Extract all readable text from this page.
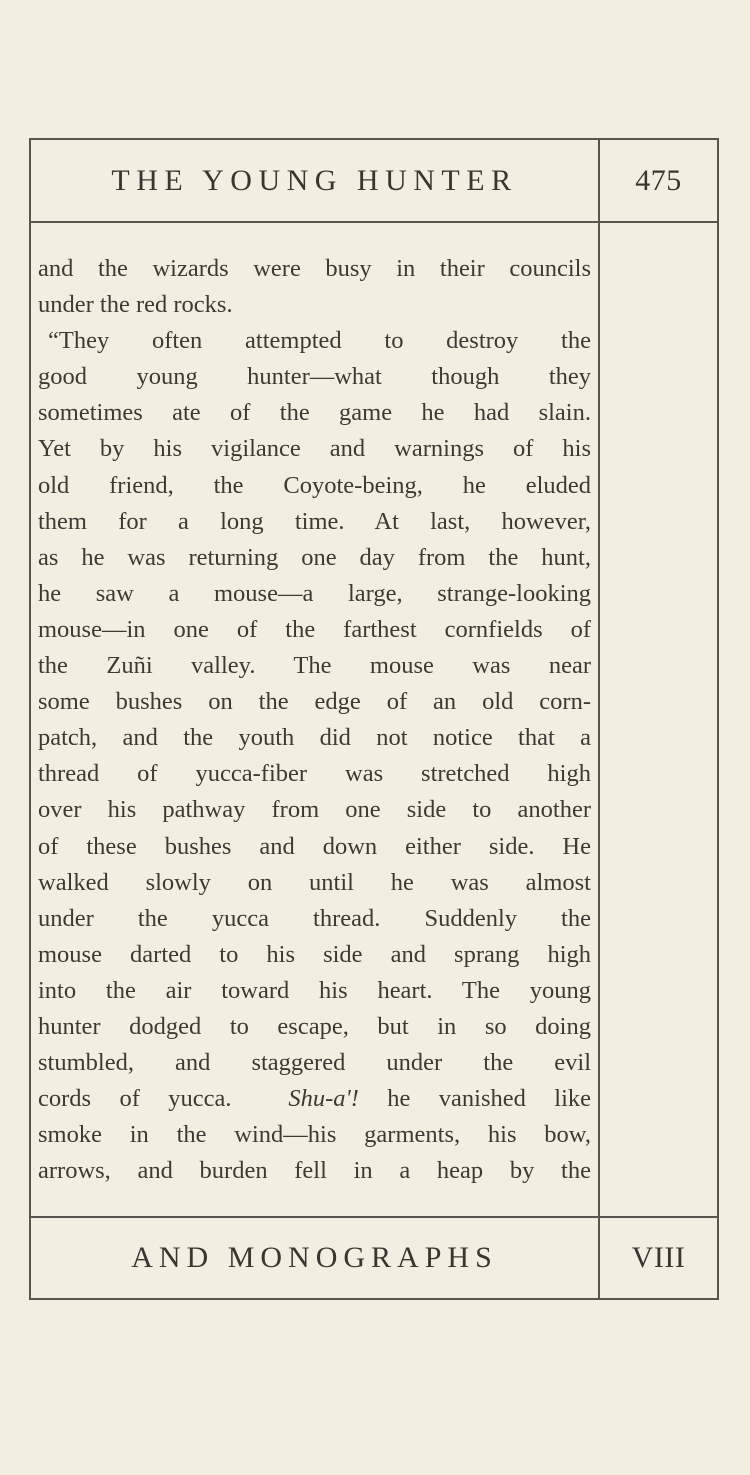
THE YOUNG HUNTER	475
and the wizards were busy in their councils
under the red rocks.
“They often attempted to destroy the
good young hunter—what though they
sometimes ate of the game he had slain.
Yet by his vigilance and warnings of his
old friend, the Coyote-being, he eluded
them for a long time. At last, however,
as he was returning one day from the hunt,
he saw a mouse—a large, strange-looking
mouse—in one of the farthest cornfields of
the Zuñi valley. The mouse was near
some bushes on the edge of an old corn-
patch, and the youth did not notice that a
thread of yucca-fiber was stretched high
over his pathway from one side to another
of these bushes and down either side. He
walked slowly on until he was almost
under the yucca thread. Suddenly the
mouse darted to his side and sprang high
into the air toward his heart. The young
hunter dodged to escape, but in so doing
stumbled, and staggered under the evil
cords of yucca. Shu-a'! he vanished like
smoke in the wind—his garments, his bow,
arrows, and burden fell in a heap by the
AND MONOGRAPHS	VIII
